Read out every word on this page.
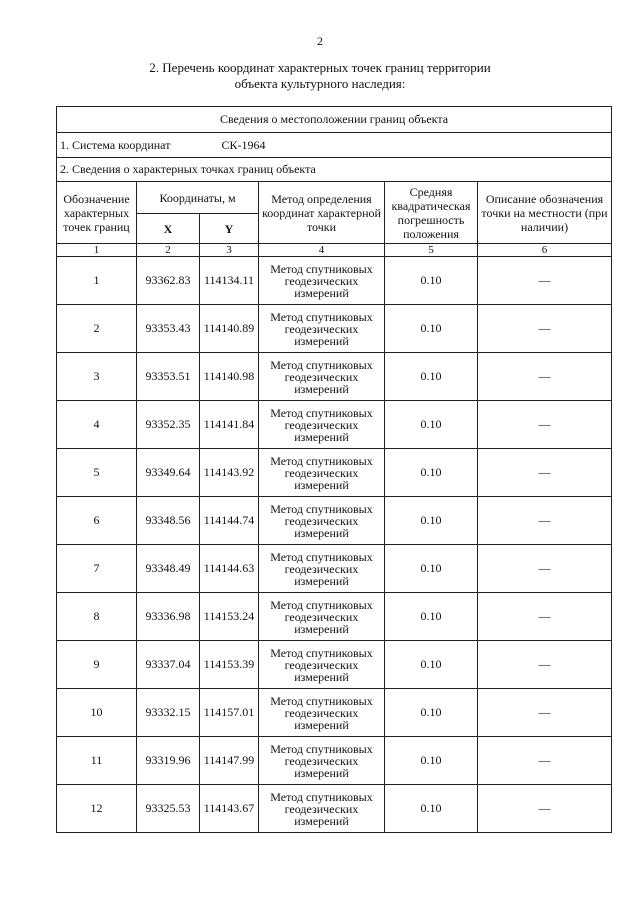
2
2. Перечень координат характерных точек границ территории
объекта культурного наследия:
Сведения о местоположении границ объекта					
1. Система координат СК-1964					
2. Сведения о характерных точках границ объекта					
Обозначение характерных точек границ	Координаты, м		Метод определения координат характерной точки	Средняя квадратическая погрешность положения	Описание обозначения точки на местности (при наличии)
	X	Y			
1	2	3	4	5	6
1	93362.83	114134.11	Метод спутниковых геодезических измерений	0.10	—
2	93353.43	114140.89	Метод спутниковых геодезических измерений	0.10	—
3	93353.51	114140.98	Метод спутниковых геодезических измерений	0.10	—
4	93352.35	114141.84	Метод спутниковых геодезических измерений	0.10	—
5	93349.64	114143.92	Метод спутниковых геодезических измерений	0.10	—
6	93348.56	114144.74	Метод спутниковых геодезических измерений	0.10	—
7	93348.49	114144.63	Метод спутниковых геодезических измерений	0.10	—
8	93336.98	114153.24	Метод спутниковых геодезических измерений	0.10	—
9	93337.04	114153.39	Метод спутниковых геодезических измерений	0.10	—
10	93332.15	114157.01	Метод спутниковых геодезических измерений	0.10	—
11	93319.96	114147.99	Метод спутниковых геодезических измерений	0.10	—
12	93325.53	114143.67	Метод спутниковых геодезических измерений	0.10	—
